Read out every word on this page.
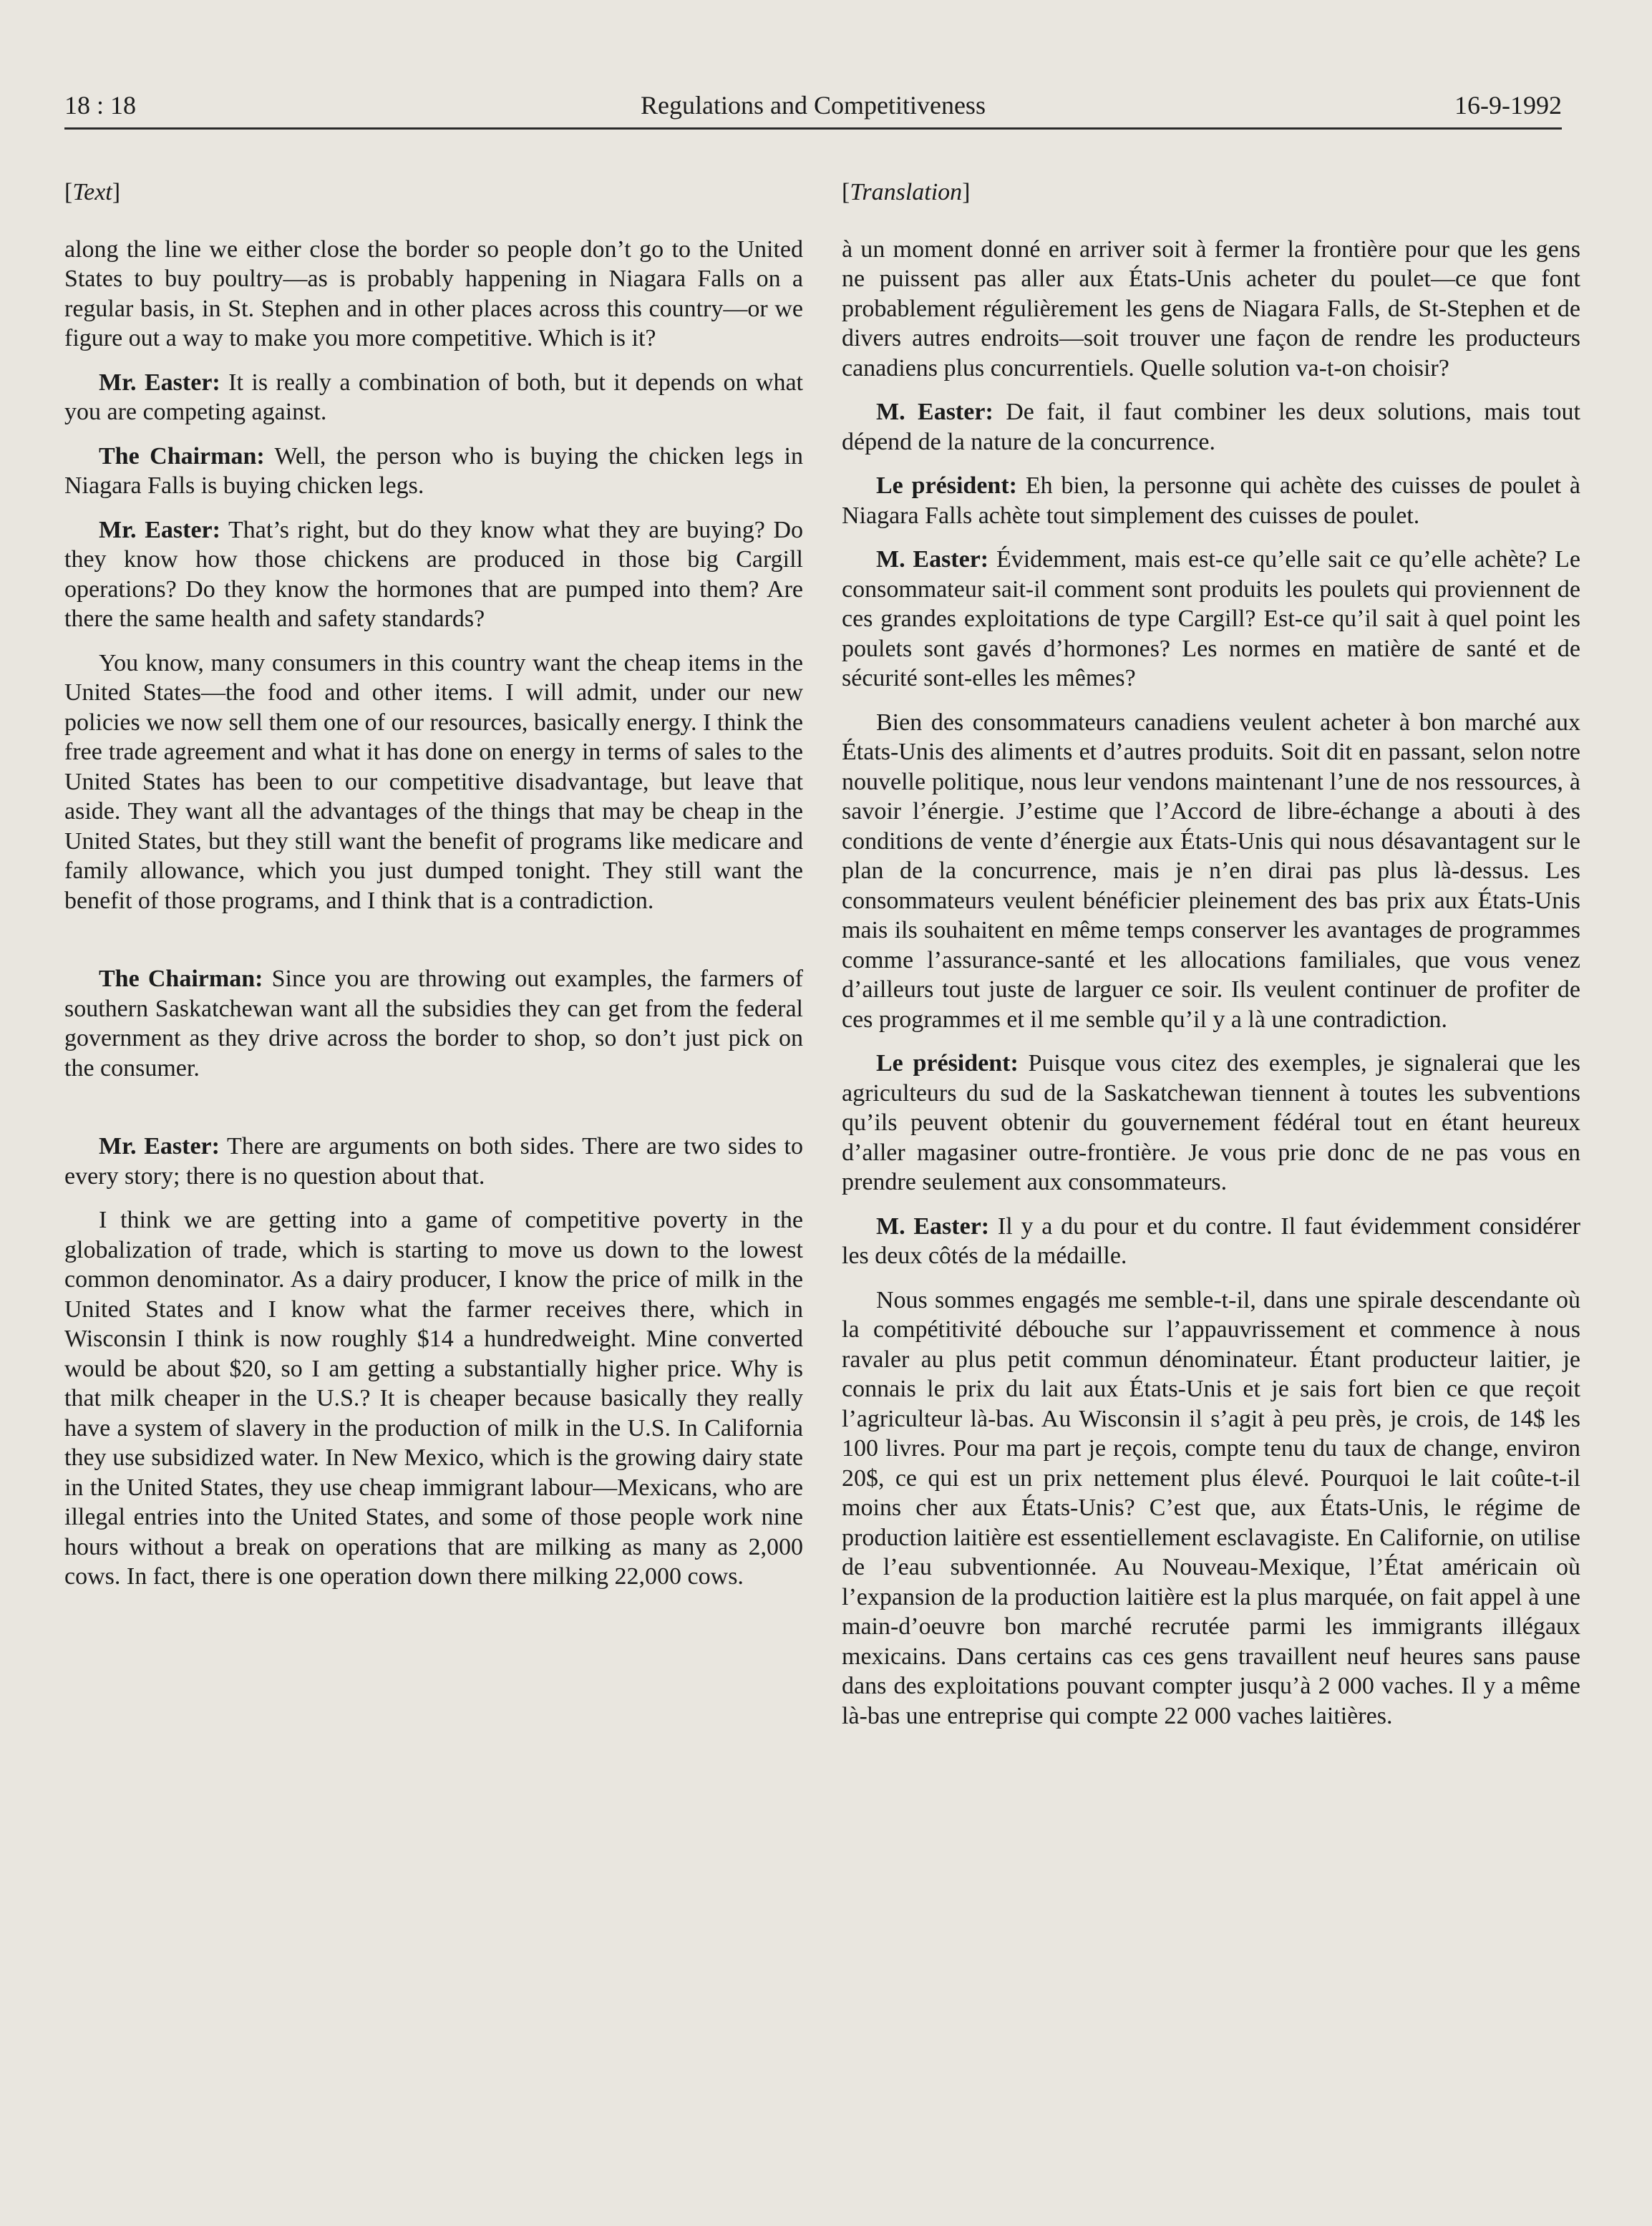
18 : 18	Regulations and Competitiveness	16-9-1992
[Text]

along the line we either close the border so people don’t go to the United States to buy poultry—as is probably happening in Niagara Falls on a regular basis, in St. Stephen and in other places across this country—or we figure out a way to make you more competitive. Which is it?

Mr. Easter: It is really a combination of both, but it depends on what you are competing against.

The Chairman: Well, the person who is buying the chicken legs in Niagara Falls is buying chicken legs.

Mr. Easter: That’s right, but do they know what they are buying? Do they know how those chickens are produced in those big Cargill operations? Do they know the hormones that are pumped into them? Are there the same health and safety standards?

You know, many consumers in this country want the cheap items in the United States—the food and other items. I will admit, under our new policies we now sell them one of our resources, basically energy. I think the free trade agreement and what it has done on energy in terms of sales to the United States has been to our competitive disadvantage, but leave that aside. They want all the advantages of the things that may be cheap in the United States, but they still want the benefit of programs like medicare and family allowance, which you just dumped tonight. They still want the benefit of those programs, and I think that is a contradiction.

The Chairman: Since you are throwing out examples, the farmers of southern Saskatchewan want all the subsidies they can get from the federal government as they drive across the border to shop, so don’t just pick on the consumer.

Mr. Easter: There are arguments on both sides. There are two sides to every story; there is no question about that.

I think we are getting into a game of competitive poverty in the globalization of trade, which is starting to move us down to the lowest common denominator. As a dairy producer, I know the price of milk in the United States and I know what the farmer receives there, which in Wisconsin I think is now roughly $14 a hundredweight. Mine converted would be about $20, so I am getting a substantially higher price. Why is that milk cheaper in the U.S.? It is cheaper because basically they really have a system of slavery in the production of milk in the U.S. In California they use subsidized water. In New Mexico, which is the growing dairy state in the United States, they use cheap immigrant labour—Mexicans, who are illegal entries into the United States, and some of those people work nine hours without a break on operations that are milking as many as 2,000 cows. In fact, there is one operation down there milking 22,000 cows.

[Translation]

à un moment donné en arriver soit à fermer la frontière pour que les gens ne puissent pas aller aux États-Unis acheter du poulet—ce que font probablement régulièrement les gens de Niagara Falls, de St-Stephen et de divers autres endroits—soit trouver une façon de rendre les producteurs canadiens plus concurrentiels. Quelle solution va-t-on choisir?

M. Easter: De fait, il faut combiner les deux solutions, mais tout dépend de la nature de la concurrence.

Le président: Eh bien, la personne qui achète des cuisses de poulet à Niagara Falls achète tout simplement des cuisses de poulet.

M. Easter: Évidemment, mais est-ce qu’elle sait ce qu’elle achète? Le consommateur sait-il comment sont produits les poulets qui proviennent de ces grandes exploitations de type Cargill? Est-ce qu’il sait à quel point les poulets sont gavés d’hormones? Les normes en matière de santé et de sécurité sont-elles les mêmes?

Bien des consommateurs canadiens veulent acheter à bon marché aux États-Unis des aliments et d’autres produits. Soit dit en passant, selon notre nouvelle politique, nous leur vendons maintenant l’une de nos ressources, à savoir l’énergie. J’estime que l’Accord de libre-échange a abouti à des conditions de vente d’énergie aux États-Unis qui nous désavantagent sur le plan de la concurrence, mais je n’en dirai pas plus là-dessus. Les consommateurs veulent bénéficier pleinement des bas prix aux États-Unis mais ils souhaitent en même temps conserver les avantages de programmes comme l’assurance-santé et les allocations familiales, que vous venez d’ailleurs tout juste de larguer ce soir. Ils veulent continuer de profiter de ces programmes et il me semble qu’il y a là une contradiction.

Le président: Puisque vous citez des exemples, je signalerai que les agriculteurs du sud de la Saskatchewan tiennent à toutes les subventions qu’ils peuvent obtenir du gouvernement fédéral tout en étant heureux d’aller magasiner outre-frontière. Je vous prie donc de ne pas vous en prendre seulement aux consommateurs.

M. Easter: Il y a du pour et du contre. Il faut évidemment considérer les deux côtés de la médaille.

Nous sommes engagés me semble-t-il, dans une spirale descendante où la compétitivité débouche sur l’appauvrissement et commence à nous ravaler au plus petit commun dénominateur. Étant producteur laitier, je connais le prix du lait aux États-Unis et je sais fort bien ce que reçoit l’agriculteur là-bas. Au Wisconsin il s’agit à peu près, je crois, de 14$ les 100 livres. Pour ma part je reçois, compte tenu du taux de change, environ 20$, ce qui est un prix nettement plus élevé. Pourquoi le lait coûte-t-il moins cher aux États-Unis? C’est que, aux États-Unis, le régime de production laitière est essentiellement esclavagiste. En Californie, on utilise de l’eau subventionnée. Au Nouveau-Mexique, l’État américain où l’expansion de la production laitière est la plus marquée, on fait appel à une main-d’oeuvre bon marché recrutée parmi les immigrants illégaux mexicains. Dans certains cas ces gens travaillent neuf heures sans pause dans des exploitations pouvant compter jusqu’à 2 000 vaches. Il y a même là-bas une entreprise qui compte 22 000 vaches laitières.
